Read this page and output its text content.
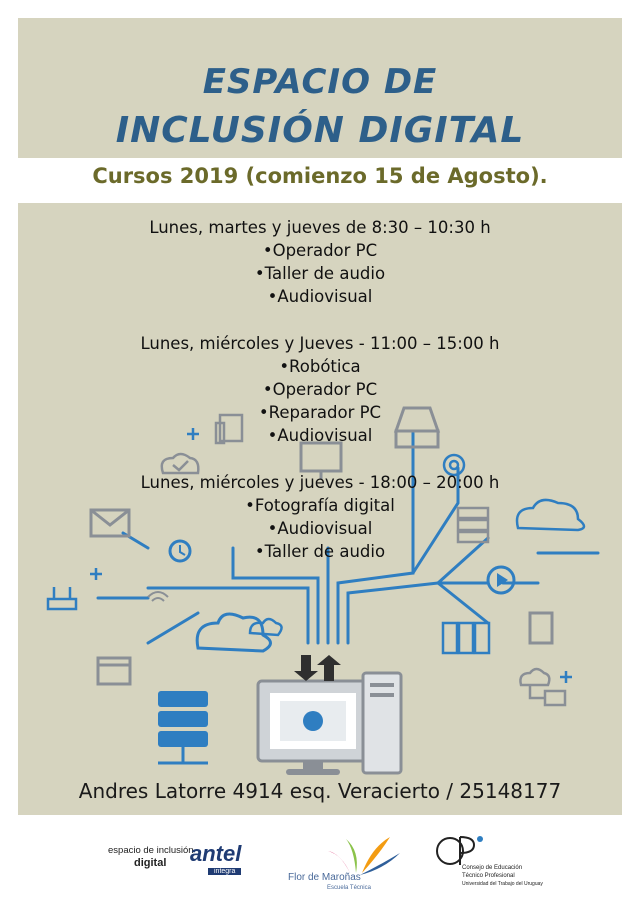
ESPACIO DE
INCLUSIÓN DIGITAL
Cursos 2019 (comienzo 15 de Agosto).
Lunes, martes y jueves de 8:30 – 10:30 h
•Operador PC
•Taller de audio
•Audiovisual
Lunes, miércoles y Jueves - 11:00 – 15:00 h
•Robótica
•Operador PC
•Reparador PC
•Audiovisual
Lunes, miércoles y jueves - 18:00 – 20:00 h
•Fotografía digital
•Audiovisual
•Taller de audio
Andres Latorre 4914 esq. Veracierto / 25148177
espacio de inclusión
digital antel
integra
Flor de Maroñas
Escuela Técnica
Consejo de Educación
Técnico Profesional
Universidad del Trabajo del Uruguay
